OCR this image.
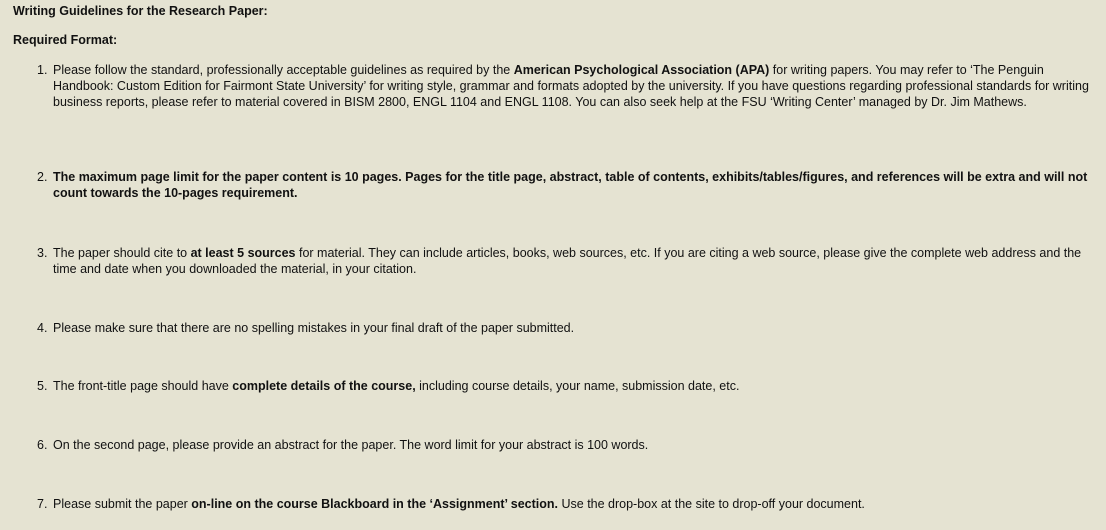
Writing Guidelines for the Research Paper:
Required Format:
1. Please follow the standard, professionally acceptable guidelines as required by the American Psychological Association (APA) for writing papers. You may refer to ‘The Penguin Handbook: Custom Edition for Fairmont State University’ for writing style, grammar and formats adopted by the university. If you have questions regarding professional standards for writing business reports, please refer to material covered in BISM 2800, ENGL 1104 and ENGL 1108. You can also seek help at the FSU ‘Writing Center’ managed by Dr. Jim Mathews.
2. The maximum page limit for the paper content is 10 pages. Pages for the title page, abstract, table of contents, exhibits/tables/figures, and references will be extra and will not count towards the 10-pages requirement.
3. The paper should cite to at least 5 sources for material. They can include articles, books, web sources, etc. If you are citing a web source, please give the complete web address and the time and date when you downloaded the material, in your citation.
4. Please make sure that there are no spelling mistakes in your final draft of the paper submitted.
5. The front-title page should have complete details of the course, including course details, your name, submission date, etc.
6. On the second page, please provide an abstract for the paper. The word limit for your abstract is 100 words.
7. Please submit the paper on-line on the course Blackboard in the ‘Assignment’ section. Use the drop-box at the site to drop-off your document.
